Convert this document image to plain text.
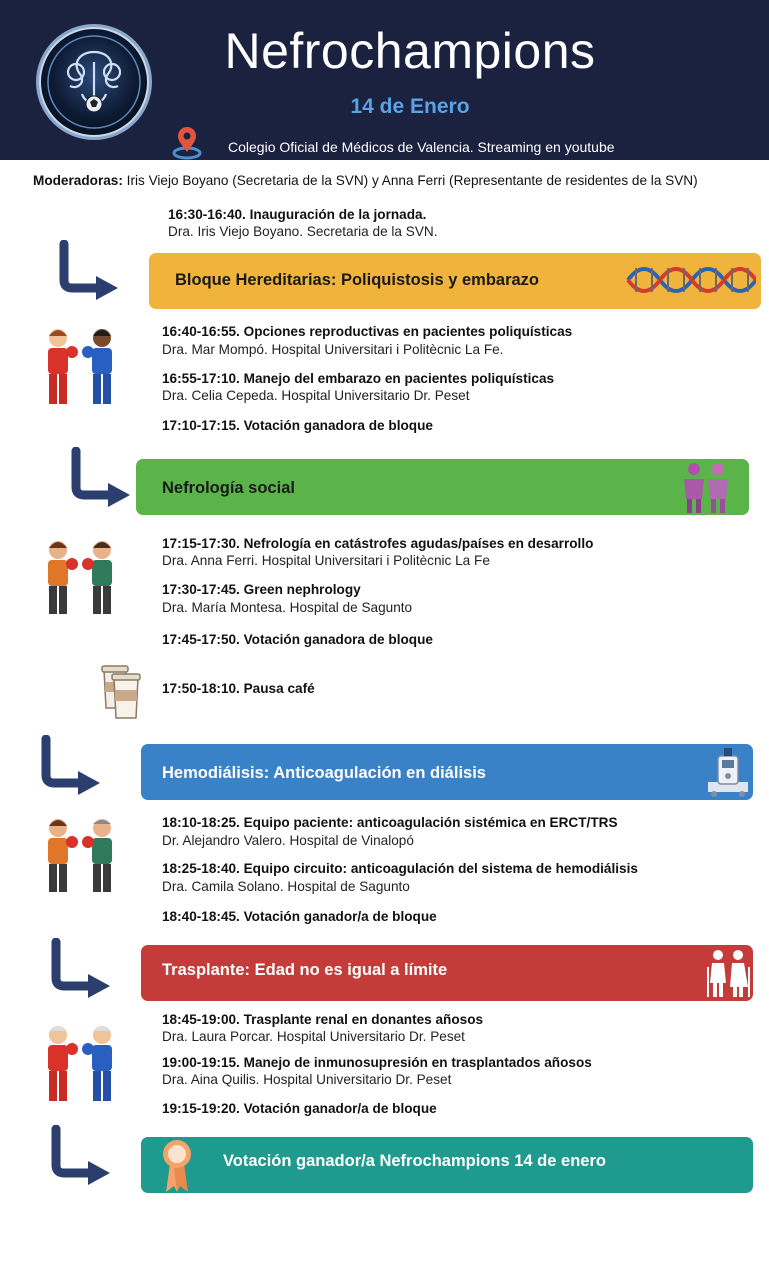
Nefrochampions
14 de Enero
Colegio Oficial de Médicos de Valencia. Streaming en youtube
Moderadoras: Iris Viejo Boyano (Secretaria de la SVN) y Anna Ferri (Representante de residentes de la SVN)
16:30-16:40. Inauguración de la jornada.
Dra. Iris Viejo Boyano. Secretaria de la SVN.
Bloque Hereditarias: Poliquistosis y embarazo
16:40-16:55. Opciones reproductivas en pacientes poliquísticas
Dra. Mar Mompó. Hospital Universitari i Politècnic La Fe.
16:55-17:10. Manejo del embarazo en pacientes poliquísticas
Dra. Celia Cepeda. Hospital Universitario Dr. Peset
17:10-17:15. Votación ganadora de bloque
Nefrología social
17:15-17:30. Nefrología en catástrofes agudas/países en desarrollo
Dra. Anna Ferri. Hospital Universitari i Politècnic La Fe
17:30-17:45. Green nephrology
Dra. María Montesa. Hospital de Sagunto
17:45-17:50. Votación ganadora de bloque
17:50-18:10. Pausa café
Hemodiálisis: Anticoagulación en diálisis
18:10-18:25. Equipo paciente: anticoagulación sistémica en ERCT/TRS
Dr. Alejandro Valero. Hospital de Vinalopó
18:25-18:40. Equipo circuito: anticoagulación del sistema de hemodiálisis
Dra. Camila Solano. Hospital de Sagunto
18:40-18:45. Votación ganador/a de bloque
Trasplante: Edad no es igual a límite
18:45-19:00. Trasplante renal en donantes añosos
Dra. Laura Porcar. Hospital Universitario Dr. Peset
19:00-19:15. Manejo de inmunosupresión en trasplantados añosos
Dra. Aina Quilis. Hospital Universitario Dr. Peset
19:15-19:20. Votación ganador/a de bloque
Votación ganador/a Nefrochampions 14 de enero
